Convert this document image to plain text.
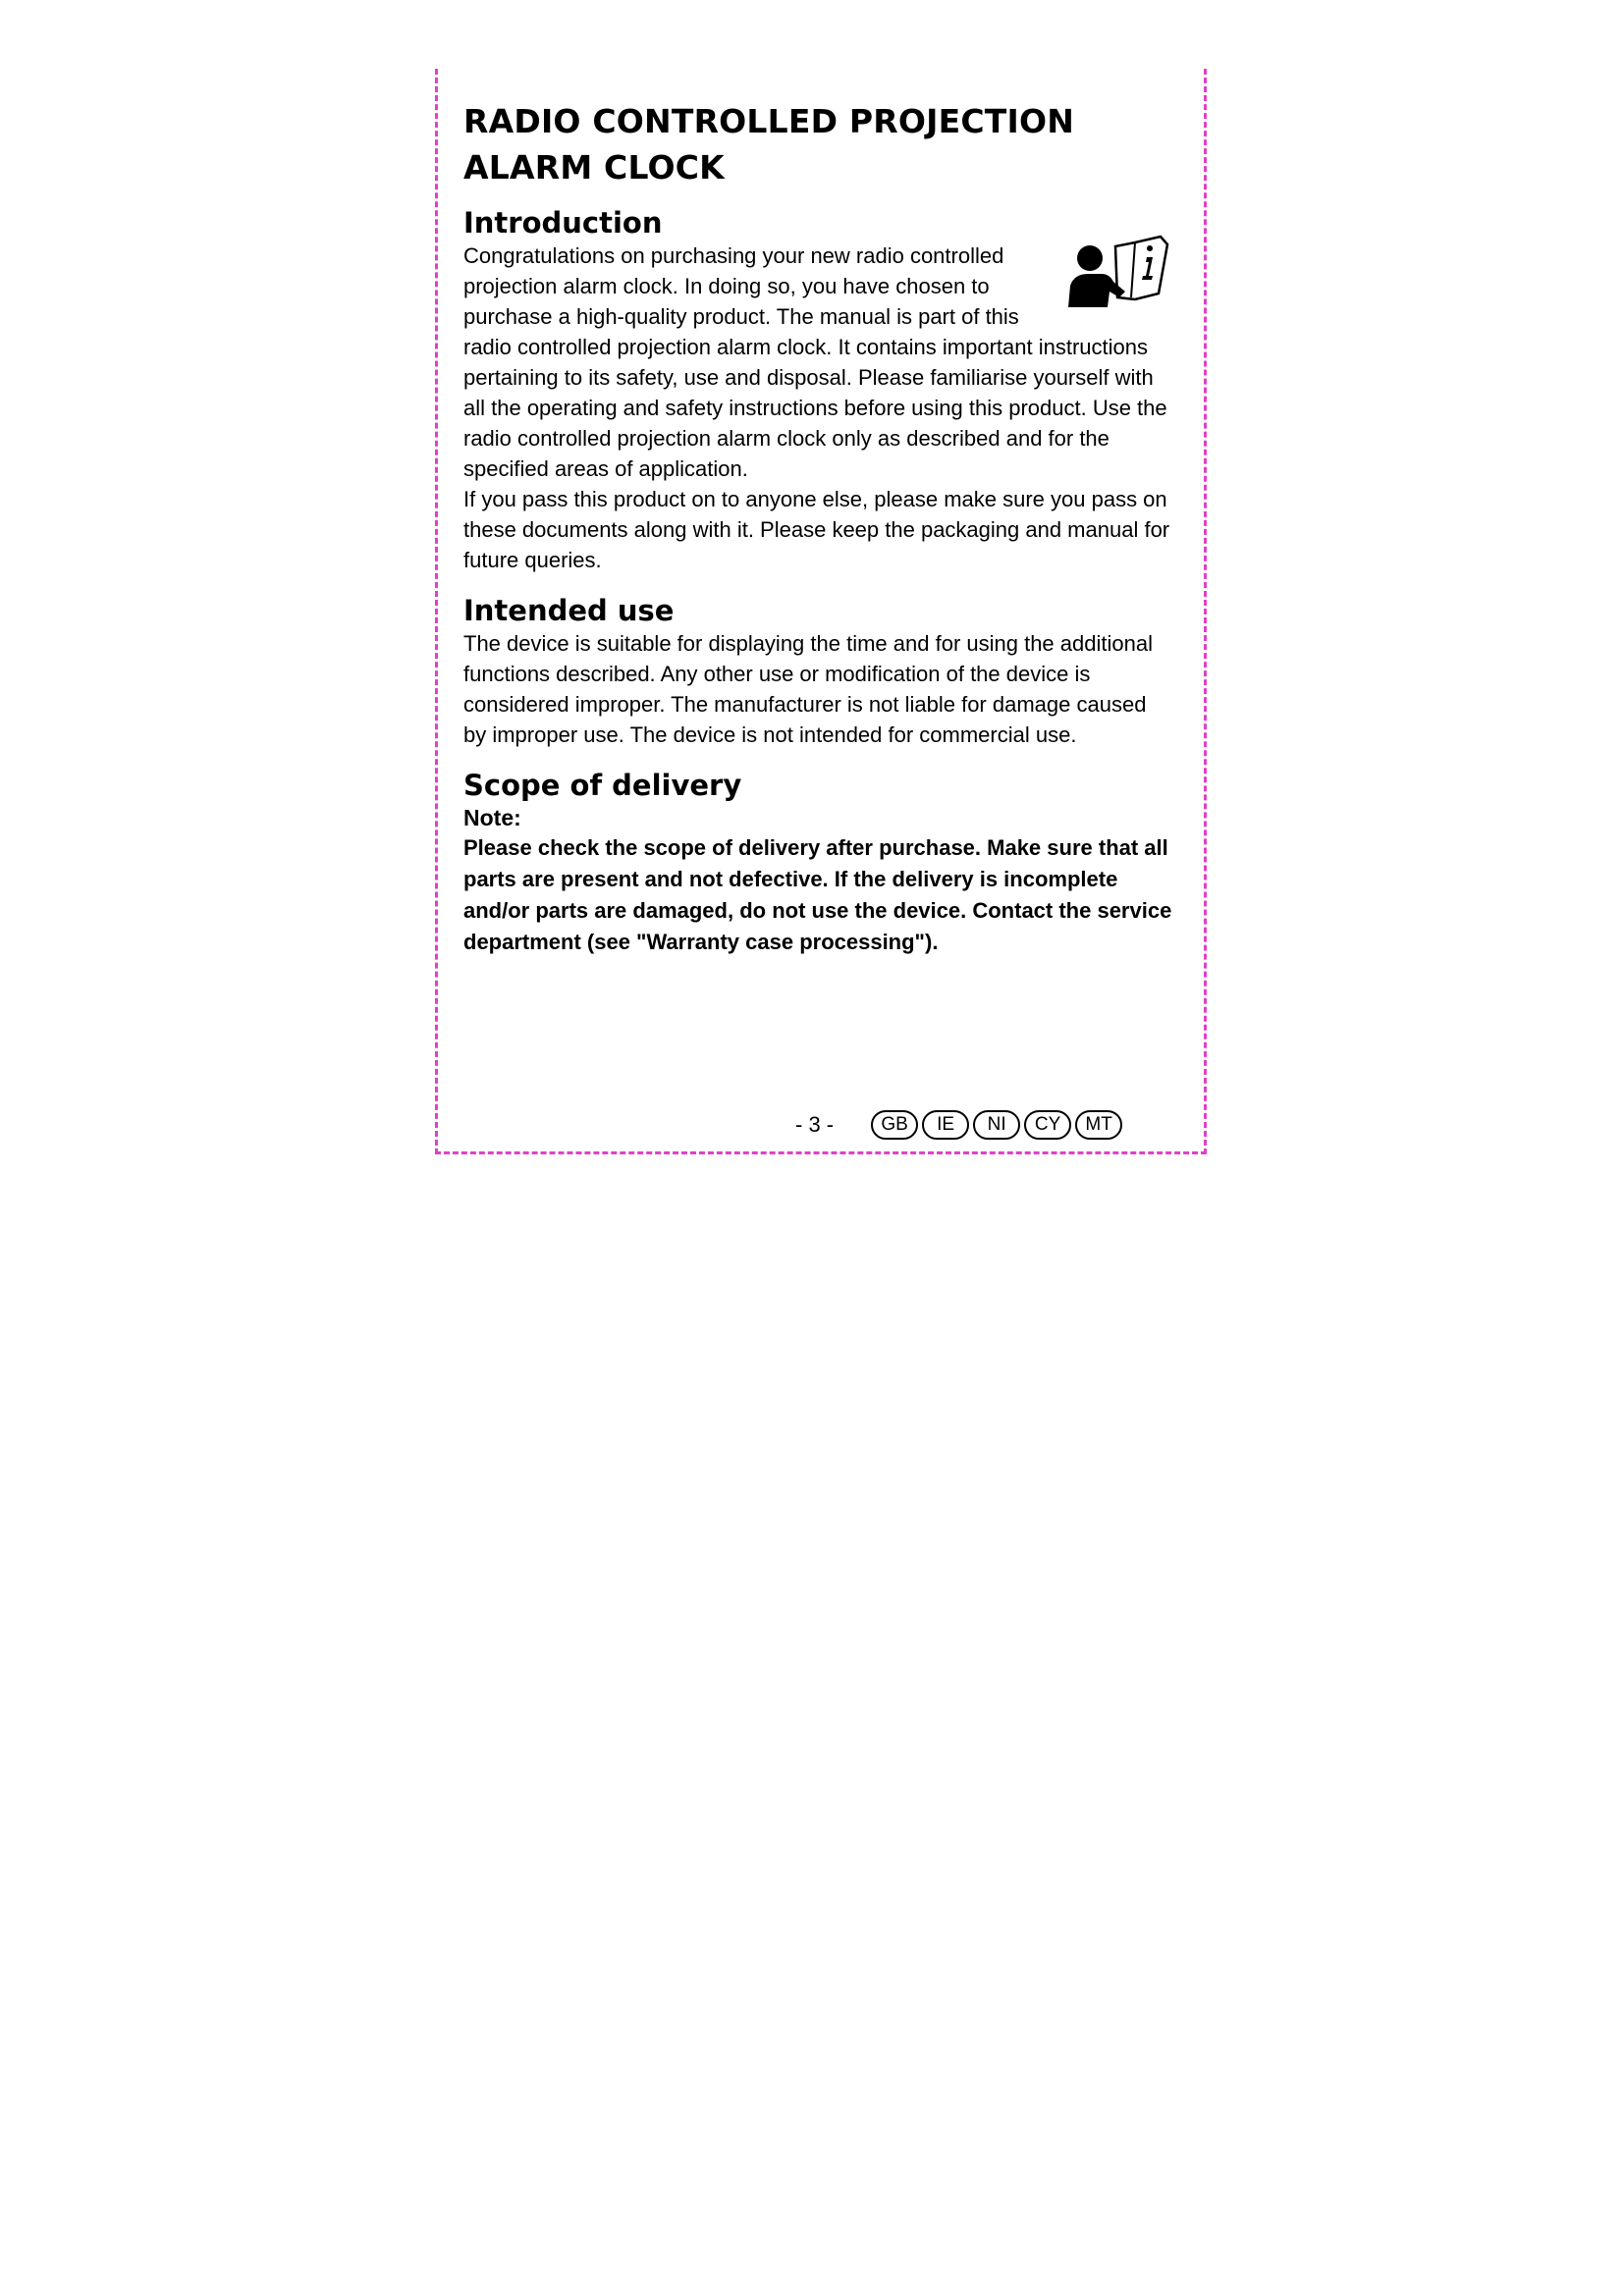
RADIO CONTROLLED PROJECTION ALARM CLOCK
Introduction

Congratulations on purchasing your new radio controlled projection alarm clock. In doing so, you have chosen to purchase a high-quality product. The manual is part of this radio controlled projection alarm clock. It contains important instructions pertaining to its safety, use and disposal. Please familiarise yourself with all the operating and safety instructions before using this product. Use the radio controlled projection alarm clock only as described and for the specified areas of application.

If you pass this product on to anyone else, please make sure you pass on these documents along with it. Please keep the packaging and manual for future queries.

Intended use

The device is suitable for displaying the time and for using the additional functions described. Any other use or modification of the device is considered improper. The manufacturer is not liable for damage caused by improper use. The device is not intended for commercial use.

Scope of delivery

Note:

Please check the scope of delivery after purchase. Make sure that all parts are present and not defective. If the delivery is incomplete and/or parts are damaged, do not use the device. Contact the service department (see "Warranty case processing").

- 3 -	GB	IE	NI	CY	MT
